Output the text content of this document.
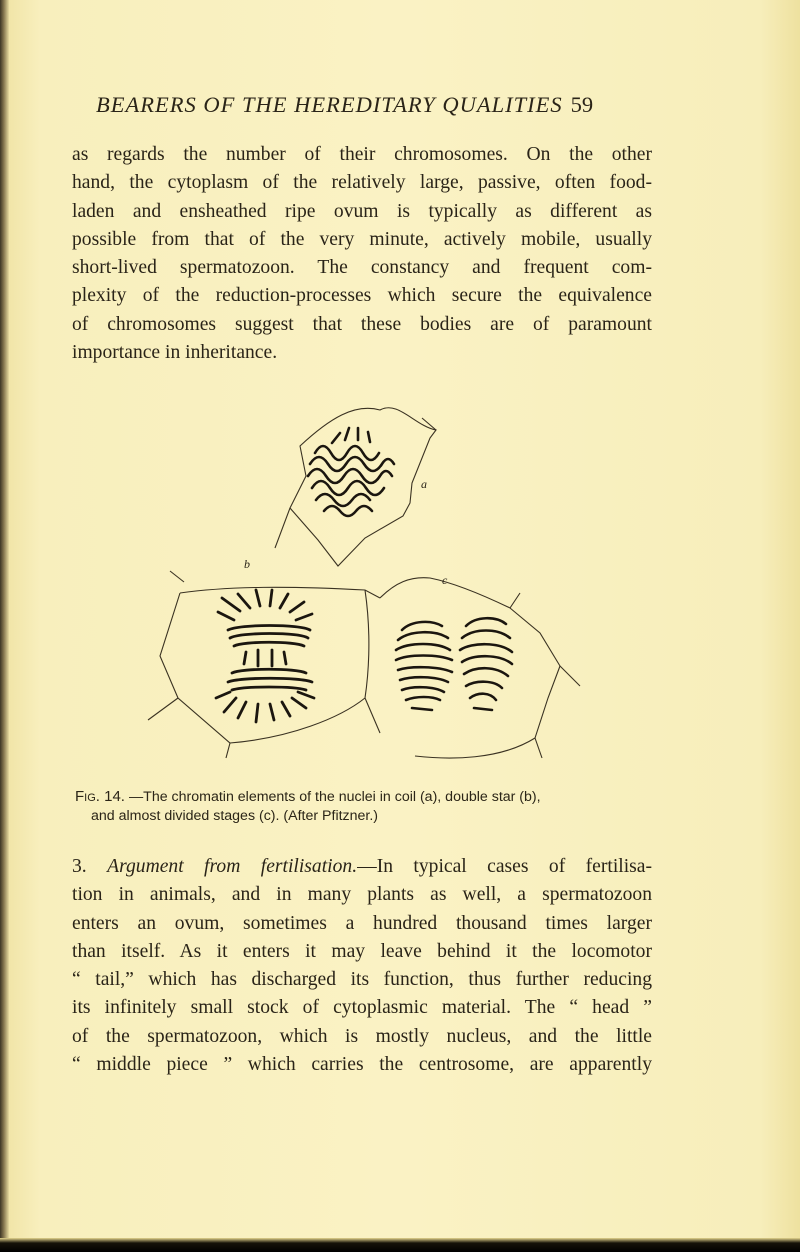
BEARERS OF THE HEREDITARY QUALITIES 59
as regards the number of their chromosomes. On the other
hand, the cytoplasm of the relatively large, passive, often food-
laden and ensheathed ripe ovum is typically as different as
possible from that of the very minute, actively mobile, usually
short-lived spermatozoon. The constancy and frequent com-
plexity of the reduction-processes which secure the equivalence
of chromosomes suggest that these bodies are of paramount
importance in inheritance.
a
b
c
Fig. 14. —The chromatin elements of the nuclei in coil (a), double star (b),
and almost divided stages (c). (After Pfitzner.)
3. Argument from fertilisation.—In typical cases of fertilisa-
tion in animals, and in many plants as well, a spermatozoon
enters an ovum, sometimes a hundred thousand times larger
than itself. As it enters it may leave behind it the locomotor
“ tail,” which has discharged its function, thus further reducing
its infinitely small stock of cytoplasmic material. The “ head ”
of the spermatozoon, which is mostly nucleus, and the little
“ middle piece ” which carries the centrosome, are apparently
